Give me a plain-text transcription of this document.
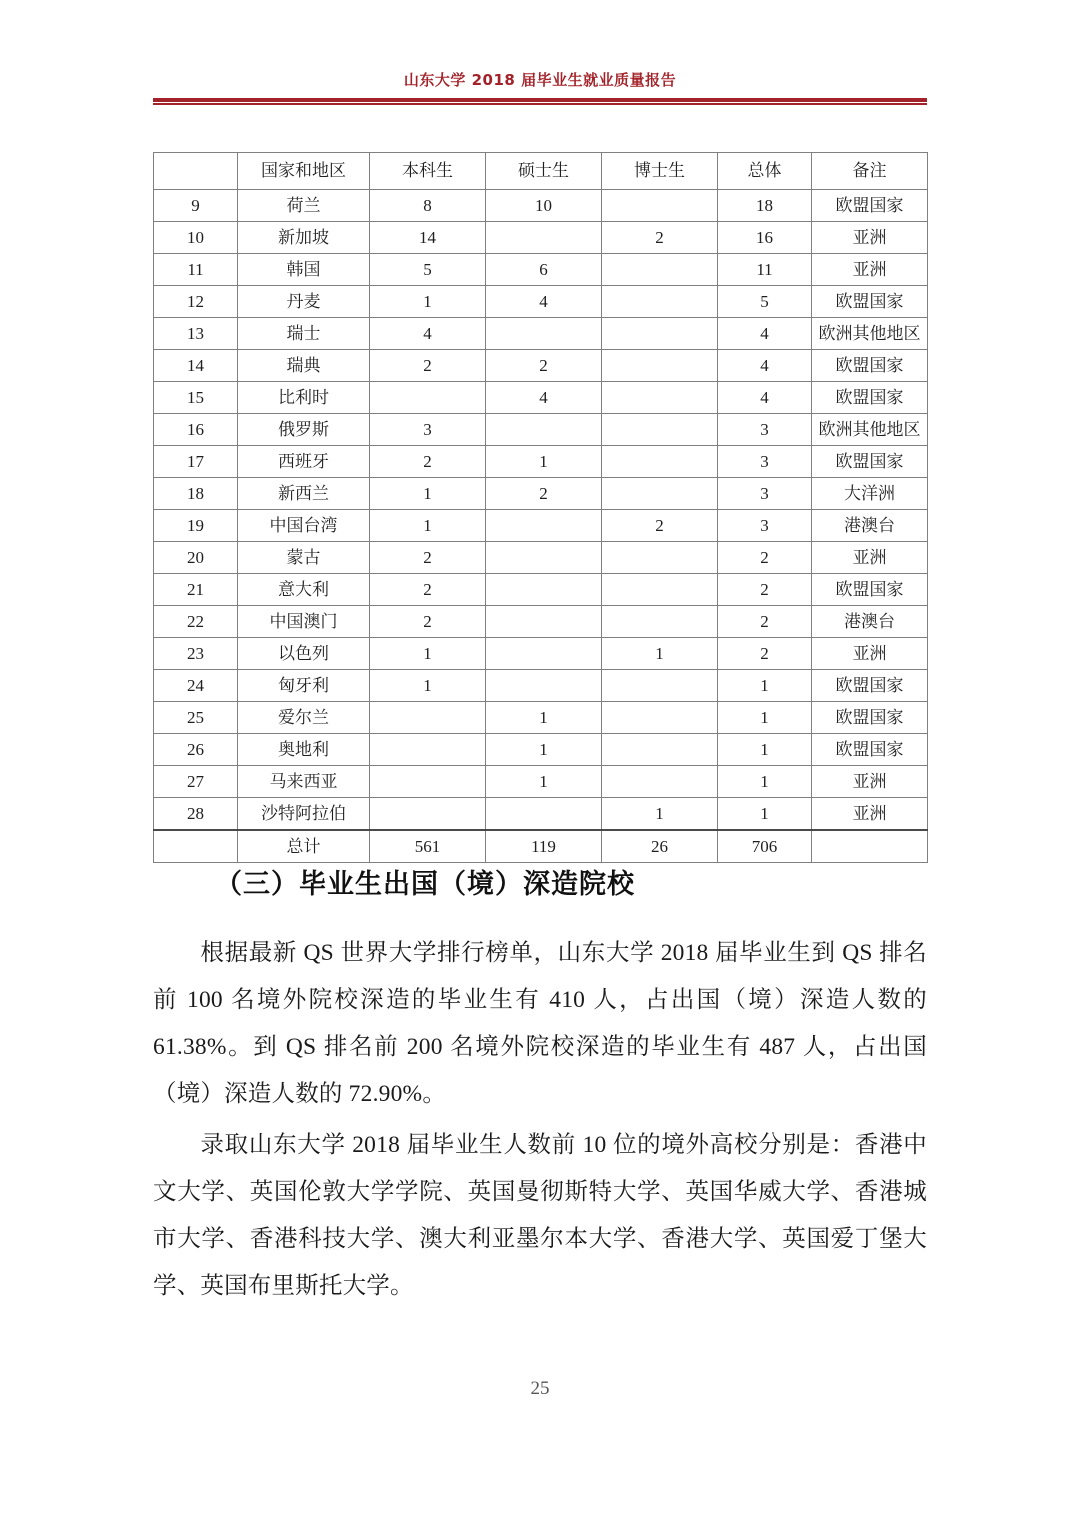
山东大学 2018 届毕业生就业质量报告
	国家和地区	本科生	硕士生	博士生	总体	备注
9	荷兰	8	10		18	欧盟国家
10	新加坡	14		2	16	亚洲
11	韩国	5	6		11	亚洲
12	丹麦	1	4		5	欧盟国家
13	瑞士	4			4	欧洲其他地区
14	瑞典	2	2		4	欧盟国家
15	比利时		4		4	欧盟国家
16	俄罗斯	3			3	欧洲其他地区
17	西班牙	2	1		3	欧盟国家
18	新西兰	1	2		3	大洋洲
19	中国台湾	1		2	3	港澳台
20	蒙古	2			2	亚洲
21	意大利	2			2	欧盟国家
22	中国澳门	2			2	港澳台
23	以色列	1		1	2	亚洲
24	匈牙利	1			1	欧盟国家
25	爱尔兰		1		1	欧盟国家
26	奥地利		1		1	欧盟国家
27	马来西亚		1		1	亚洲
28	沙特阿拉伯			1	1	亚洲
	总计	561	119	26	706	
（三）毕业生出国（境）深造院校
根据最新 QS 世界大学排行榜单，山东大学 2018 届毕业生到 QS 排名前 100 名境外院校深造的毕业生有 410 人，占出国（境）深造人数的 61.38%。到 QS 排名前 200 名境外院校深造的毕业生有 487 人，占出国（境）深造人数的 72.90%。
录取山东大学 2018 届毕业生人数前 10 位的境外高校分别是：香港中文大学、英国伦敦大学学院、英国曼彻斯特大学、英国华威大学、香港城市大学、香港科技大学、澳大利亚墨尔本大学、香港大学、英国爱丁堡大学、英国布里斯托大学。
25
